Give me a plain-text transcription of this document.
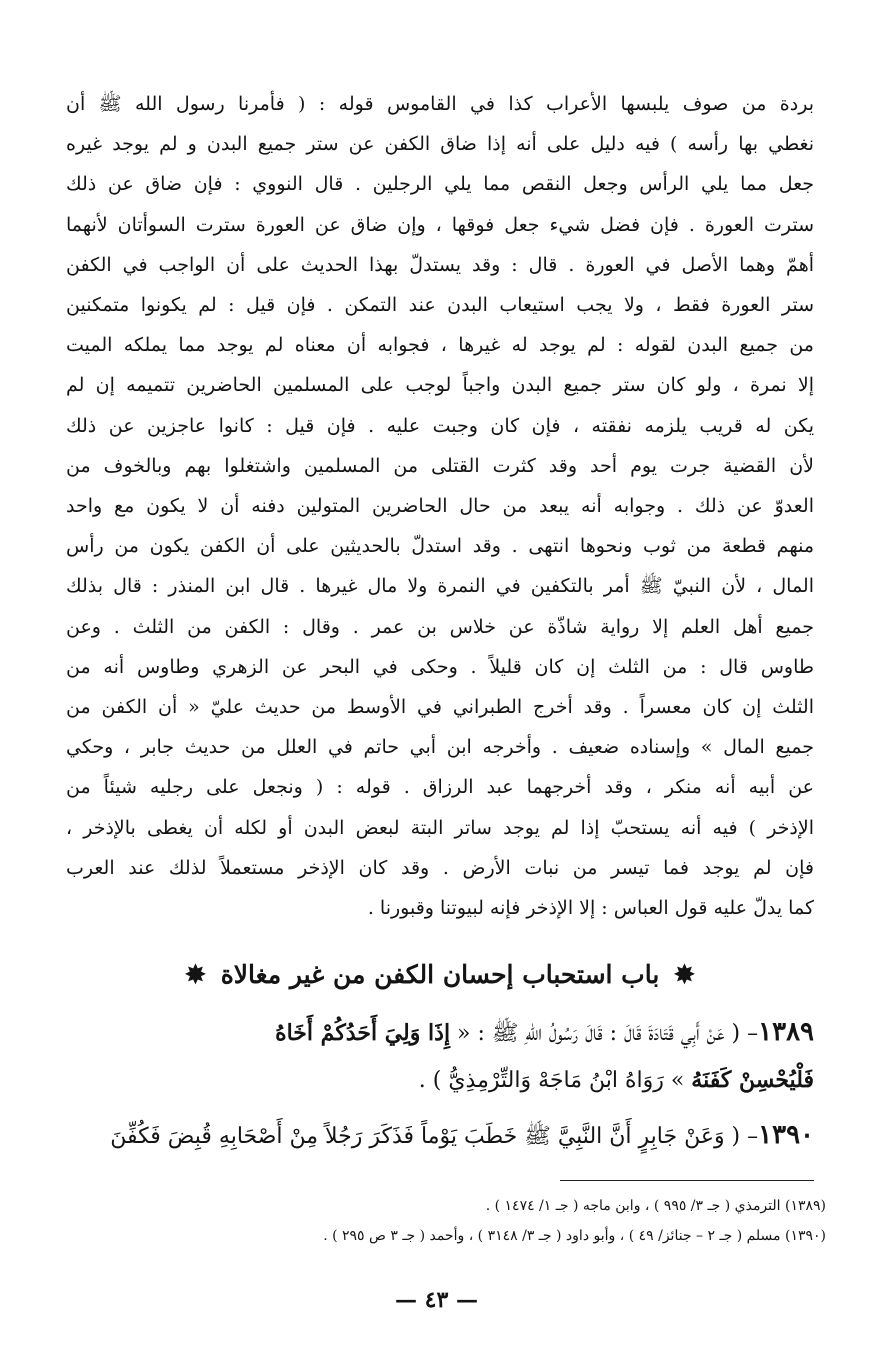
بردة من صوف يلبسها الأعراب كذا في القاموس قوله : ( فأمرنا رسول الله ﷺ أن
نغطي بها رأسه ) فيه دليل على أنه إذا ضاق الكفن عن ستر جميع البدن و لم يوجد غيره
جعل مما يلي الرأس وجعل النقص مما يلي الرجلين . قال النووي : فإن ضاق عن ذلك
سترت العورة . فإن فضل شيء جعل فوقها ، وإن ضاق عن العورة سترت السوأتان لأنهما
أهمّ وهما الأصل في العورة . قال : وقد يستدلّ بهذا الحديث على أن الواجب في الكفن
ستر العورة فقط ، ولا يجب استيعاب البدن عند التمكن . فإن قيل : لم يكونوا متمكنين
من جميع البدن لقوله : لم يوجد له غيرها ، فجوابه أن معناه لم يوجد مما يملكه الميت
إلا نمرة ، ولو كان ستر جميع البدن واجباً لوجب على المسلمين الحاضرين تتميمه إن لم
يكن له قريب يلزمه نفقته ، فإن كان وجبت عليه . فإن قيل : كانوا عاجزين عن ذلك
لأن القضية جرت يوم أحد وقد كثرت القتلى من المسلمين واشتغلوا بهم وبالخوف من
العدوّ عن ذلك . وجوابه أنه يبعد من حال الحاضرين المتولين دفنه أن لا يكون مع واحد
منهم قطعة من ثوب ونحوها انتهى . وقد استدلّ بالحديثين على أن الكفن يكون من رأس
المال ، لأن النبيّ ﷺ أمر بالتكفين في النمرة ولا مال غيرها . قال ابن المنذر : قال بذلك
جميع أهل العلم إلا رواية شاذّة عن خلاس بن عمر . وقال : الكفن من الثلث . وعن
طاوس قال : من الثلث إن كان قليلاً . وحكى في البحر عن الزهري وطاوس أنه من
الثلث إن كان معسراً . وقد أخرج الطبراني في الأوسط من حديث عليّ « أن الكفن من
جميع المال » وإسناده ضعيف . وأخرجه ابن أبي حاتم في العلل من حديث جابر ، وحكي
عن أبيه أنه منكر ، وقد أخرجهما عبد الرزاق . قوله : ( ونجعل على رجليه شيئاً من
الإذخر ) فيه أنه يستحبّ إذا لم يوجد ساتر البتة لبعض البدن أو لكله أن يغطى بالإذخر ،
فإن لم يوجد فما تيسر من نبات الأرض . وقد كان الإذخر مستعملاً لذلك عند العرب
كما يدلّ عليه قول العباس : إلا الإذخر فإنه لبيوتنا وقبورنا .
✸ باب استحباب إحسان الكفن من غير مغالاة ✸
١٣٨٩– ( عَنْ أَبِي قَتَادَةَ قَالَ : قَالَ رَسُولُ اللهِ ﷺ : « إِذَا وَلِيَ أَحَدُكُمْ أَخَاهُ
فَلْيُحْسِنْ كَفَنَهُ » رَوَاهُ ابْنُ مَاجَهْ وَالتِّرْمِذِيُّ ) .
١٣٩٠– ( وَعَنْ جَابِرٍ أَنَّ النَّبِيَّ ﷺ خَطَبَ يَوْماً فَذَكَرَ رَجُلاً مِنْ أَصْحَابِهِ قُبِضَ فَكُفِّنَ
(١٣٨٩) الترمذي ( جـ ٣/ ٩٩٥ ) ، وابن ماجه ( جـ ١/ ١٤٧٤ ) .
(١٣٩٠) مسلم ( جـ ٢ – جنائز/ ٤٩ ) ، وأبو داود ( جـ ٣/ ٣١٤٨ ) ، وأحمد ( جـ ٣ ص ٢٩٥ ) .
— ٤٣ —
